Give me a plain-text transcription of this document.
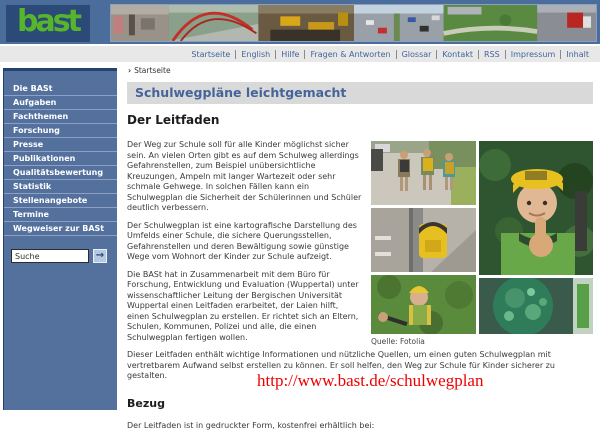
bast
Startseite	English	Hilfe	Fragen & Antworten	Glossar	Kontakt	RSS	Impressum	Inhalt
Die BASt
Aufgaben
Fachthemen
Forschung
Presse
Publikationen
Qualitätsbewertung
Statistik
Stellenangebote
Termine
Wegweiser zur BASt
Suche
→
› Startseite
Schulwegpläne leichtgemacht
Der Leitfaden
Quelle: Fotolia

Der Weg zur Schule soll für alle Kinder möglichst sicher sein. An vielen Orten gibt es auf dem Schulweg allerdings Gefahrenstellen, zum Beispiel unübersichtliche Kreuzungen, Ampeln mit langer Wartezeit oder sehr schmale Gehwege. In solchen Fällen kann ein Schulwegplan die Sicherheit der Schülerinnen und Schüler deutlich verbessern.

Der Schulwegplan ist eine kartografische Darstellung des Umfelds einer Schule, die sichere Querungsstellen, Gefahrenstellen und deren Bewältigung sowie günstige Wege vom Wohnort der Kinder zur Schule aufzeigt.

Die BASt hat in Zusammenarbeit mit dem Büro für Forschung, Entwicklung und Evaluation (Wuppertal) unter wissenschaftlicher Leitung der Bergischen Universität Wuppertal einen Leitfaden erarbeitet, der Laien hilft, einen Schulwegplan zu erstellen. Er richtet sich an Eltern, Schulen, Kommunen, Polizei und alle, die einen Schulwegplan fertigen wollen.

Dieser Leitfaden enthält wichtige Informationen und nützliche Quellen, um einen guten Schulwegplan mit vertretbarem Aufwand selbst erstellen zu können. Er soll helfen, den Weg zur Schule für Kinder sicherer zu gestalten.

Bezug
Der Leitfaden ist in gedruckter Form, kostenfrei erhältlich bei:
http://www.bast.de/schulwegplan
